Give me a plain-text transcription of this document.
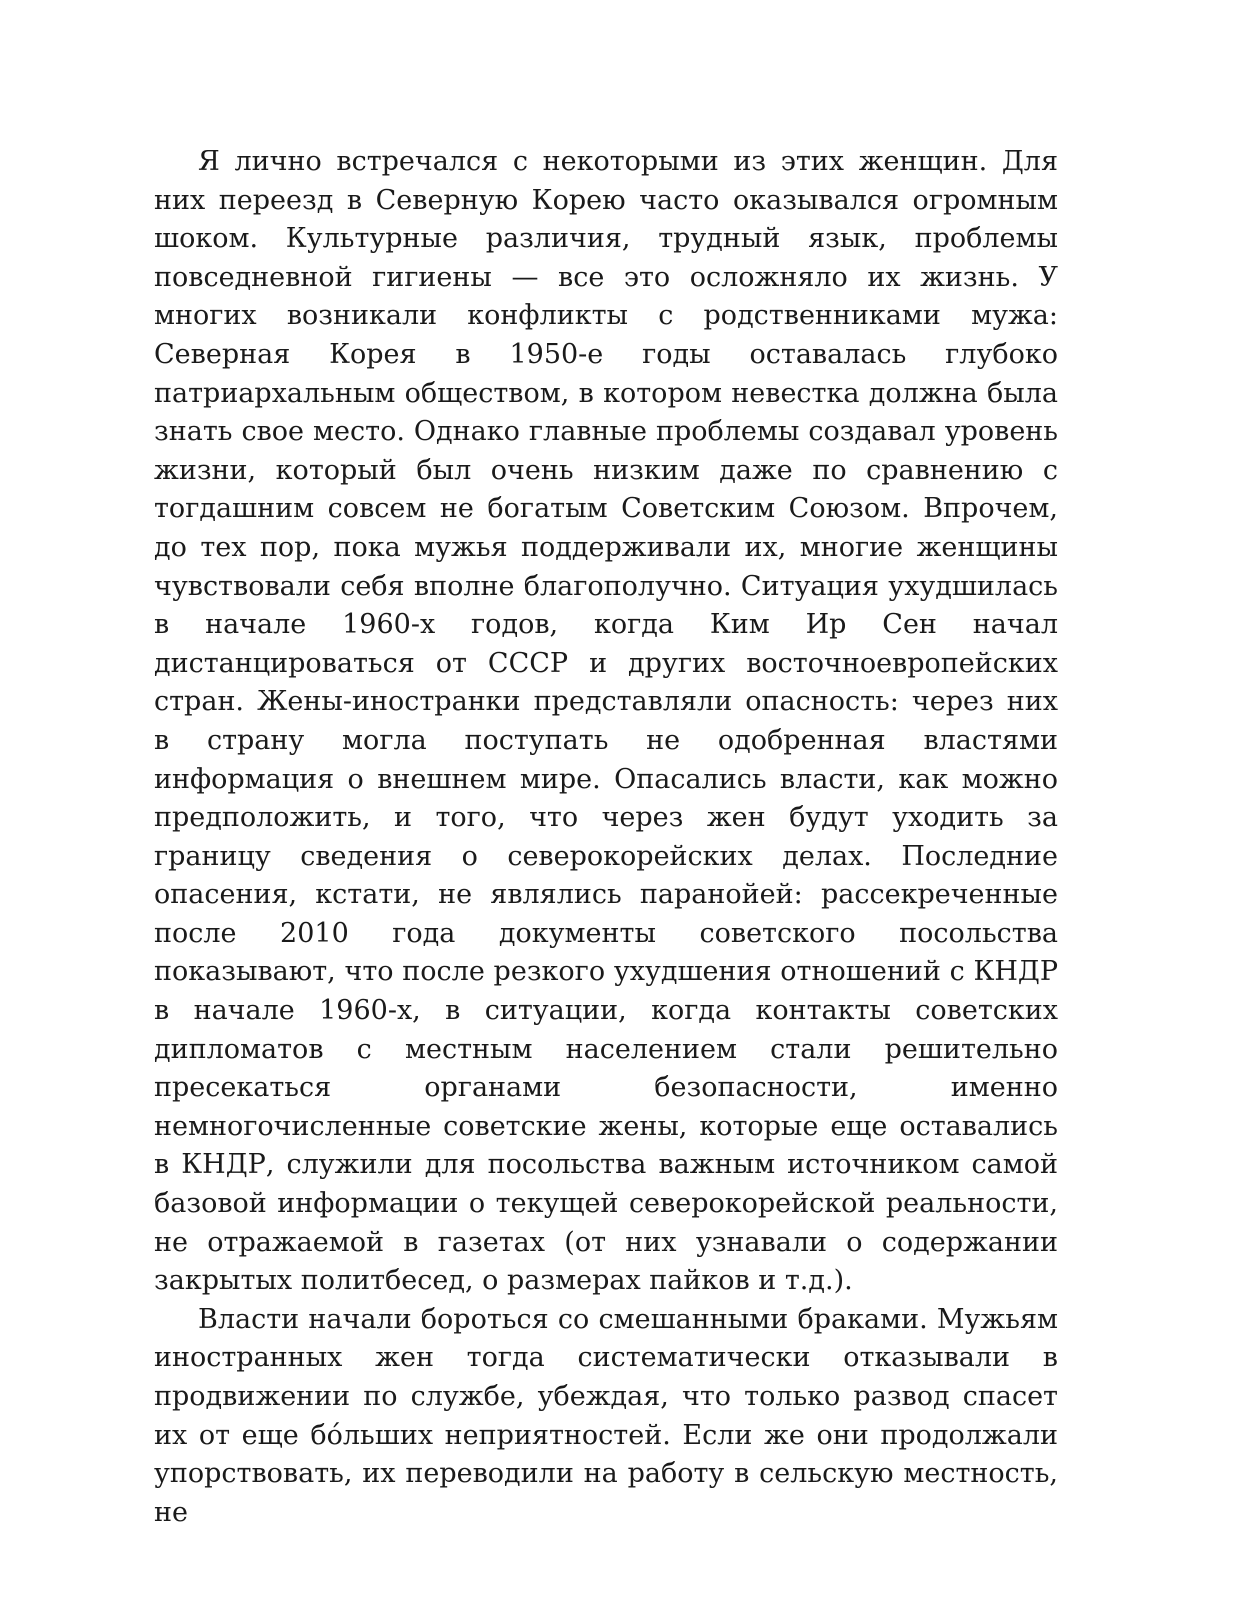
Я лично встречался с некоторыми из этих женщин. Для них переезд в Северную Корею часто оказывался огромным шоком. Культурные различия, трудный язык, проблемы повседневной гигиены — все это осложняло их жизнь. У многих возникали конфликты с родственниками мужа: Северная Корея в 1950-е годы оставалась глубоко патриархальным обществом, в котором невестка должна была знать свое место. Однако главные проблемы создавал уровень жизни, который был очень низким даже по сравнению с тогдашним совсем не богатым Советским Союзом. Впрочем, до тех пор, пока мужья поддерживали их, многие женщины чувствовали себя вполне благополучно. Ситуация ухудшилась в начале 1960-х годов, когда Ким Ир Сен начал дистанцироваться от СССР и других восточноевропейских стран. Жены-иностранки представляли опасность: через них в страну могла поступать не одобренная властями информация о внешнем мире. Опасались власти, как можно предположить, и того, что через жен будут уходить за границу сведения о северокорейских делах. Последние опасения, кстати, не являлись паранойей: рассекреченные после 2010 года документы советского посольства показывают, что после резкого ухудшения отношений с КНДР в начале 1960-х, в ситуации, когда контакты советских дипломатов с местным населением стали решительно пресекаться органами безопасности, именно немногочисленные советские жены, которые еще оставались в КНДР, служили для посольства важным источником самой базовой информации о текущей северокорейской реальности, не отражаемой в газетах (от них узнавали о содержании закрытых политбесед, о размерах пайков и т.д.).

Власти начали бороться со смешанными браками. Мужьям иностранных жен тогда систематически отказывали в продвижении по службе, убеждая, что только развод спасет их от еще бóльших неприятностей. Если же они продолжали упорствовать, их переводили на работу в сельскую местность, не
